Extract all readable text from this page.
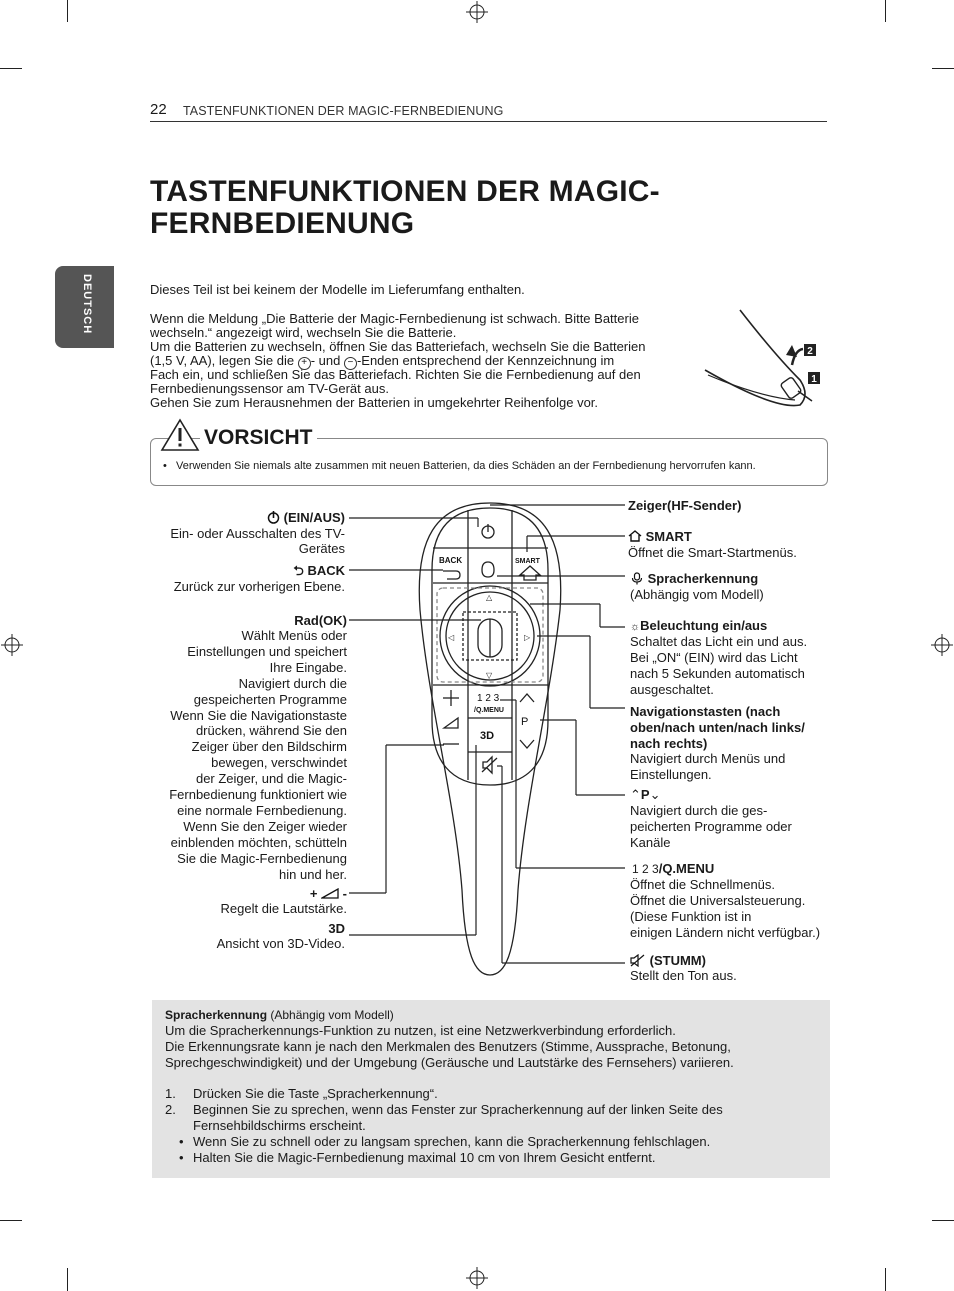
22 TASTENFUNKTIONEN DER MAGIC-FERNBEDIENUNG
DEUTSCH
TASTENFUNKTIONEN DER MAGIC-FERNBEDIENUNG
Dieses Teil ist bei keinem der Modelle im Lieferumfang enthalten.
Wenn die Meldung „Die Batterie der Magic-Fernbedienung ist schwach. Bitte Batterie
wechseln.“ angezeigt wird, wechseln Sie die Batterie.
Um die Batterien zu wechseln, öffnen Sie das Batteriefach, wechseln Sie die Batterien
(1,5 V, AA), legen Sie die + - und − -Enden entsprechend der Kennzeichnung im
Fach ein, und schließen Sie das Batteriefach. Richten Sie die Fernbedienung auf den
Fernbedienungssensor am TV-Gerät aus.
Gehen Sie zum Herausnehmen der Batterien in umgekehrter Reihenfolge vor.
2
1
VORSICHT
•   Verwenden Sie niemals alte zusammen mit neuen Batterien, da dies Schäden an der Fernbedienung hervorrufen kann.
◁	▷
△
▽
BACK	SMART
1 2 3
/Q.MENU
P
3D
(EIN/AUS)
Ein- oder Ausschalten des TV-
Gerätes
⮌ BACK
Zurück zur vorherigen Ebene.
Rad(OK)
Wählt Menüs oder
Einstellungen und speichert
Ihre Eingabe.
Navigiert durch die
gespeicherten Programme
Wenn Sie die Navigationstaste
drücken, während Sie den
Zeiger über den Bildschirm
bewegen, verschwindet
der Zeiger, und die Magic-
Fernbedienung funktioniert wie
eine normale Fernbedienung.
Wenn Sie den Zeiger wieder
einblenden möchten, schütteln
Sie die Magic-Fernbedienung
hin und her.
+ -
Regelt die Lautstärke.
3D
Ansicht von 3D-Video.
Zeiger(HF-Sender)
SMART
Öffnet die Smart-Startmenüs.
Spracherkennung
(Abhängig vom Modell)
☼Beleuchtung ein/aus
Schaltet das Licht ein und aus.
Bei „ON“ (EIN) wird das Licht
nach 5 Sekunden automatisch
ausgeschaltet.
Navigationstasten (nach
oben/nach unten/nach links/
nach rechts)
Navigiert durch Menüs und
Einstellungen.
⌃P⌄
Navigiert durch die ges-
peicherten Programme oder
Kanäle
1 2 3/Q.MENU
Öffnet die Schnellmenüs.
Öffnet die Universalsteuerung.
(Diese Funktion ist in
einigen Ländern nicht verfügbar.)
(STUMM)
Stellt den Ton aus.
Spracherkennung (Abhängig vom Modell)
Um die Spracherkennungs-Funktion zu nutzen, ist eine Netzwerkverbindung erforderlich.
Die Erkennungsrate kann je nach den Merkmalen des Benutzers (Stimme, Aussprache, Betonung,
Sprechgeschwindigkeit) und der Umgebung (Geräusche und Lautstärke des Fernsehers) variieren.
1. Drücken Sie die Taste „Spracherkennung“.
2. Beginnen Sie zu sprechen, wenn das Fenster zur Spracherkennung auf der linken Seite des
Fernsehbildschirms erscheint.
• Wenn Sie zu schnell oder zu langsam sprechen, kann die Spracherkennung fehlschlagen.
• Halten Sie die Magic-Fernbedienung maximal 10 cm von Ihrem Gesicht entfernt.
